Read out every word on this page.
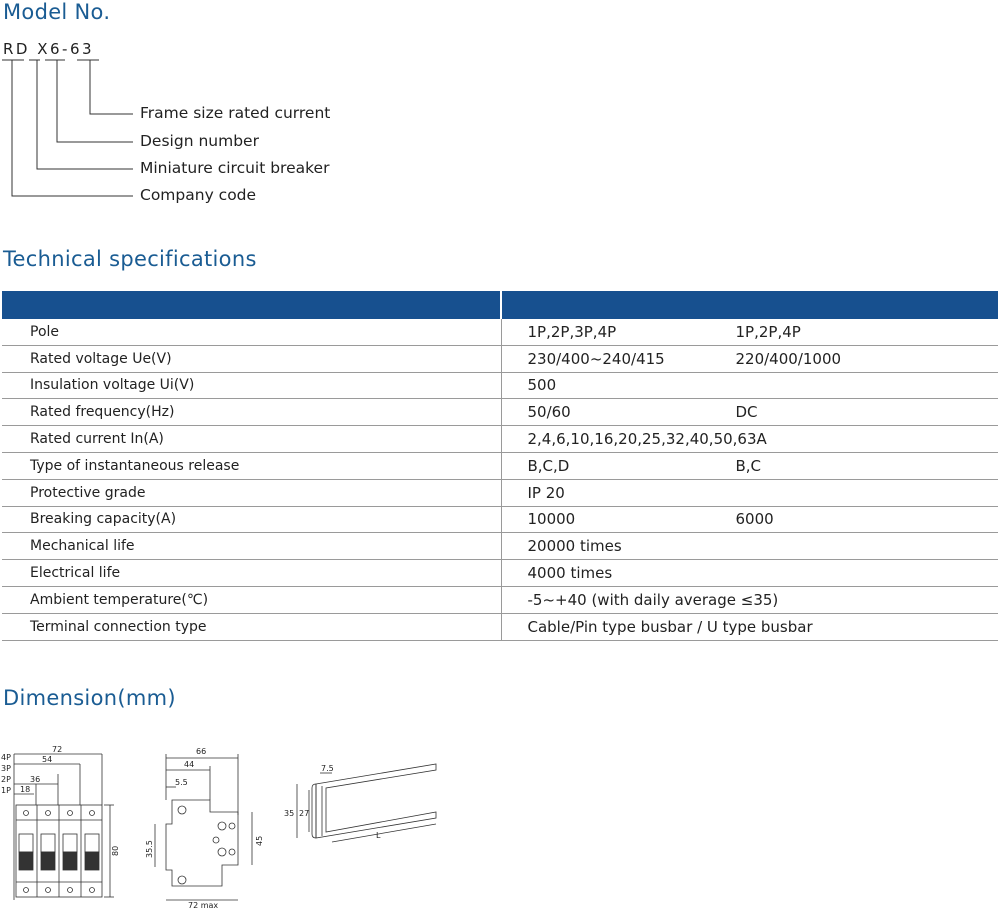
Model No.
RD X6-63
Frame size rated current
Design number
Miniature circuit breaker
Company code
Technical specifications

Pole	1P,2P,3P,4P	1P,2P,4P
Rated voltage Ue(V)	230/400~240/415	220/400/1000
Insulation voltage Ui(V)	500	
Rated frequency(Hz)	50/60	DC
Rated current In(A)	2,4,6,10,16,20,25,32,40,50,63A	
Type of instantaneous release	B,C,D	B,C
Protective grade	IP 20	
Breaking capacity(A)	10000	6000
Mechanical life	20000 times	
Electrical life	4000 times	
Ambient temperature(℃)	-5~+40 (with daily average ≤35)	
Terminal connection type	Cable/Pin type busbar / U type busbar	
Dimension(mm)
4P
3P
2P
1P
72
54
36
18
80
66
44
5.5
35.5	45
72 max
7.5
35 27
L
